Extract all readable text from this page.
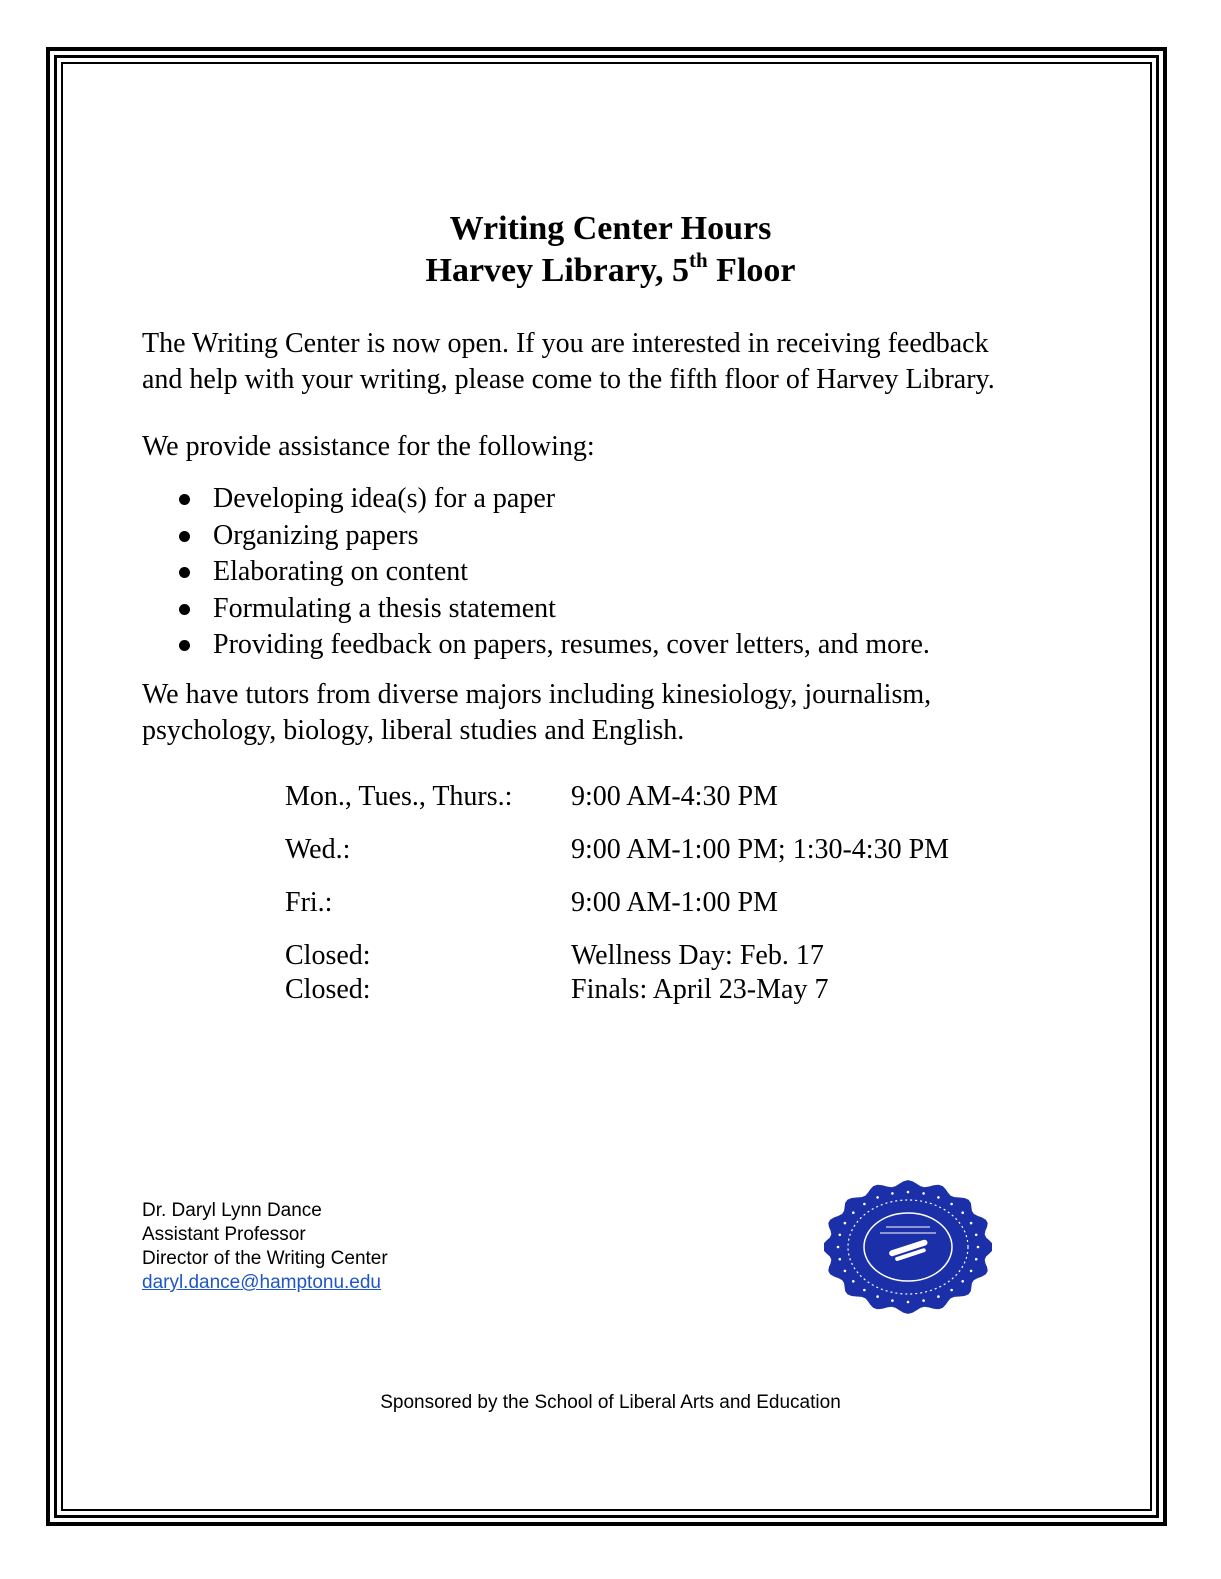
Writing Center Hours
Harvey Library, 5th Floor

The Writing Center is now open. If you are interested in receiving feedback
and help with your writing, please come to the fifth floor of Harvey Library.

We provide assistance for the following:

Developing idea(s) for a paper
Organizing papers
Elaborating on content
Formulating a thesis statement
Providing feedback on papers, resumes, cover letters, and more.

We have tutors from diverse majors including kinesiology, journalism,
psychology, biology, liberal studies and English.

Mon., Tues., Thurs.:	9:00 AM-4:30 PM
Wed.:	9:00 AM-1:00 PM; 1:30-4:30 PM
Fri.:	9:00 AM-1:00 PM
Closed:	Wellness Day: Feb. 17
Closed:	Finals: April 23-May 7
Dr. Daryl Lynn Dance
Assistant Professor
Director of the Writing Center
daryl.dance@hamptonu.edu
Sponsored by the School of Liberal Arts and Education
